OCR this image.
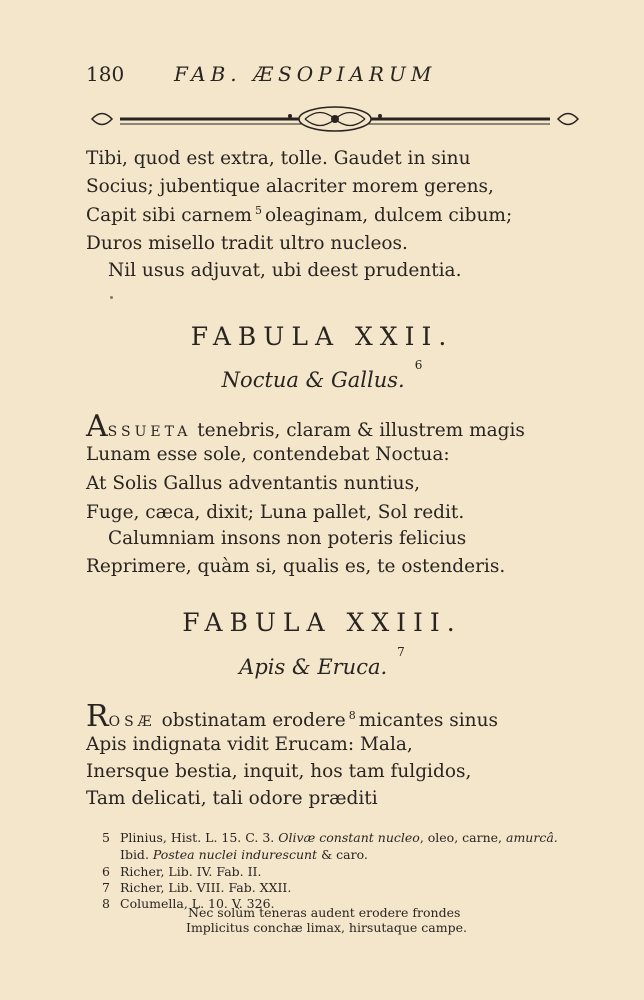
180 FAB. ÆSOPIARUM
Tibi, quod est extra, tolle. Gaudet in sinu
Socius; jubentique alacriter morem gerens,
Capit sibi carnem $^5$ oleaginam, dulcem cibum;
Duros misello tradit ultro nucleos.
Nil usus adjuvat, ubi deest prudentia.
FABULA XXII.
Noctua & Gallus.$^6$
ASSUETA tenebris, claram & illustrem magis
Lunam esse sole, contendebat Noctua:
At Solis Gallus adventantis nuntius,
Fuge, cæca, dixit; Luna pallet, Sol redit.
Calumniam insons non poteris felicius
Reprimere, quàm si, qualis es, te ostenderis.
FABULA XXIII.
Apis & Eruca.$^7$
ROSÆ obstinatam erodere $^8$ micantes sinus
Apis indignata vidit Erucam: Mala,
Inersque bestia, inquit, hos tam fulgidos,
Tam delicati, tali odore præditi
5 Plinius, Hist. L. 15. C. 3. Olivæ constant nucleo, oleo, carne, amurcâ.
Ibid. Postea nuclei indurescunt & caro.
6 Richer, Lib. IV. Fab. II.
7 Richer, Lib. VIII. Fab. XXII.
8 Columella, L. 10. V. 326.
Nec solùm teneras audent erodere frondes
Implicitus conchæ limax, hirsutaque campe.
